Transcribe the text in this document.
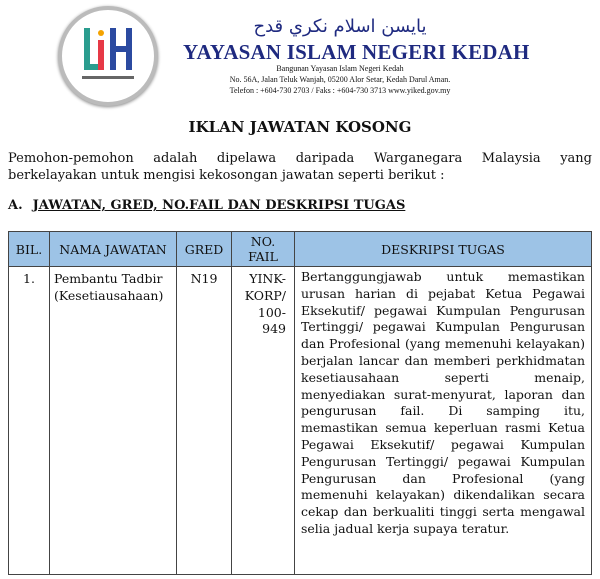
يايسن اسلام نكري قدح
YAYASAN ISLAM NEGERI KEDAH
Bangunan Yayasan Islam Negeri Kedah
No. 56A, Jalan Teluk Wanjah, 05200 Alor Setar, Kedah Darul Aman.
Telefon : +604-730 2703 / Faks : +604-730 3713 www.yiked.gov.my
IKLAN JAWATAN KOSONG
Pemohon-pemohon adalah dipelawa daripada Warganegara Malaysia yang
berkelayakan untuk mengisi kekosongan jawatan seperti berikut :
A. JAWATAN, GRED, NO.FAIL DAN DESKRIPSI TUGAS
BIL.	NAMA JAWATAN	GRED	NO. FAIL	DESKRIPSI TUGAS
1.	Pembantu Tadbir (Kesetiausahaan)	N19	YINK-KORP/ 100- 949	Bertanggungjawab untuk memastikan urusan harian di pejabat Ketua Pegawai Eksekutif/ pegawai Kumpulan Pengurusan Tertinggi/ pegawai Kumpulan Pengurusan dan Profesional (yang memenuhi kelayakan) berjalan lancar dan memberi perkhidmatan kesetiausahaan seperti menaip, menyediakan surat-menyurat, laporan dan pengurusan fail. Di samping itu, memastikan semua keperluan rasmi Ketua Pegawai Eksekutif/ pegawai Kumpulan Pengurusan Tertinggi/ pegawai Kumpulan Pengurusan dan Profesional (yang memenuhi kelayakan) dikendalikan secara cekap dan berkualiti tinggi serta mengawal selia jadual kerja supaya teratur.
